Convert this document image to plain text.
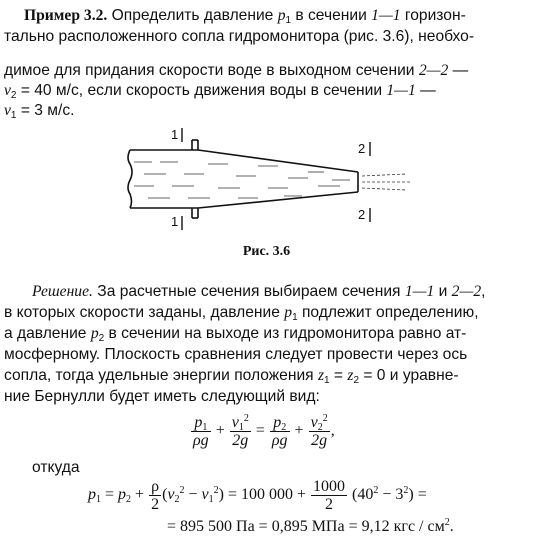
Пример 3.2. Определить давление $p_1$ в сечении 1—1 горизон-
тально расположенного сопла гидромонитора (рис. 3.6), необхо-
димое для придания скорости воде в выходном сечении 2—2 —
$v_2 = 40$ м/с, если скорость движения воды в сечении 1—1 —
$v_1 = 3$ м/с.
1
1
2
2
Рис. 3.6
Решение. За расчетные сечения выбираем сечения 1—1 и 2—2,
в которых скорости заданы, давление $p_1$ подлежит определению,
а давление $p_2$ в сечении на выходе из гидромонитора равно ат-
мосферному. Плоскость сравнения следует провести через ось
сопла, тогда удельные энергии положения $z_1 = z_2 = 0$ и уравне-
ние Бернулли будет иметь следующий вид:
$\frac{p_1}{\rho g} + \frac{v_1^2}{2g} = \frac{p_2}{\rho g} + \frac{v_2^2}{2g}$ ,
откуда
$p_1 = p_2 + \frac{\rho}{2} (v_2^2 - v_1^2) = 100$ $000 + \frac{1000}{2} (40^2 - 3^2)$ =
= 895 500 Па = 0,895 МПа = 9,12 кгс / $см^2$.
